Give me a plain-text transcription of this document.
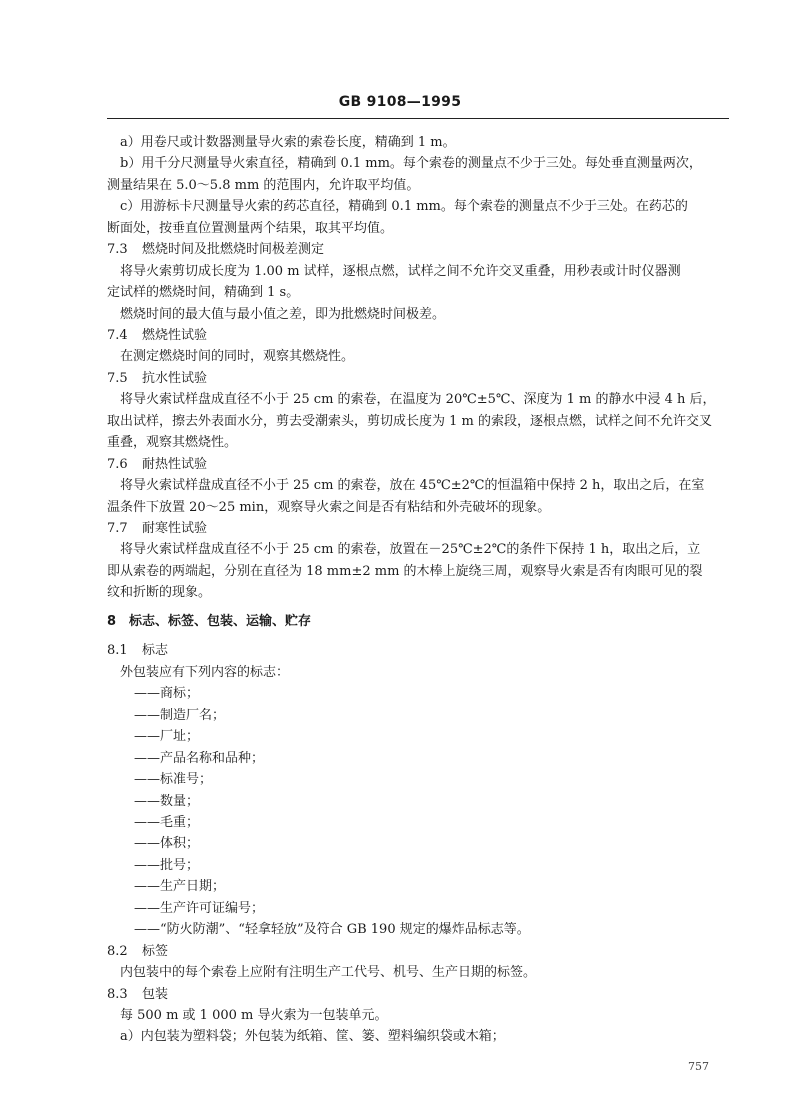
GB 9108—1995
a）用卷尺或计数器测量导火索的索卷长度，精确到 1 m。
b）用千分尺测量导火索直径，精确到 0.1 mm。每个索卷的测量点不少于三处。每处垂直测量两次，
测量结果在 5.0～5.8 mm 的范围内，允许取平均值。
c）用游标卡尺测量导火索的药芯直径，精确到 0.1 mm。每个索卷的测量点不少于三处。在药芯的
断面处，按垂直位置测量两个结果，取其平均值。
7.3 燃烧时间及批燃烧时间极差测定
将导火索剪切成长度为 1.00 m 试样，逐根点燃，试样之间不允许交叉重叠，用秒表或计时仪器测
定试样的燃烧时间，精确到 1 s。
燃烧时间的最大值与最小值之差，即为批燃烧时间极差。
7.4 燃烧性试验
在测定燃烧时间的同时，观察其燃烧性。
7.5 抗水性试验
将导火索试样盘成直径不小于 25 cm 的索卷，在温度为 20℃±5℃、深度为 1 m 的静水中浸 4 h 后，
取出试样，擦去外表面水分，剪去受潮索头，剪切成长度为 1 m 的索段，逐根点燃，试样之间不允许交叉
重叠，观察其燃烧性。
7.6 耐热性试验
将导火索试样盘成直径不小于 25 cm 的索卷，放在 45℃±2℃的恒温箱中保持 2 h，取出之后，在室
温条件下放置 20～25 min，观察导火索之间是否有粘结和外壳破坏的现象。
7.7 耐寒性试验
将导火索试样盘成直径不小于 25 cm 的索卷，放置在－25℃±2℃的条件下保持 1 h，取出之后，立
即从索卷的两端起，分别在直径为 18 mm±2 mm 的木棒上旋绕三周，观察导火索是否有肉眼可见的裂
纹和折断的现象。
8 标志、标签、包装、运输、贮存
8.1 标志
外包装应有下列内容的标志：
——商标；
——制造厂名；
——厂址；
——产品名称和品种；
——标准号；
——数量；
——毛重；
——体积；
——批号；
——生产日期；
——生产许可证编号；
——“防火防潮”、“轻拿轻放”及符合 GB 190 规定的爆炸品标志等。
8.2 标签
内包装中的每个索卷上应附有注明生产工代号、机号、生产日期的标签。
8.3 包装
每 500 m 或 1 000 m 导火索为一包装单元。
a）内包装为塑料袋；外包装为纸箱、筐、篓、塑料编织袋或木箱；
757
